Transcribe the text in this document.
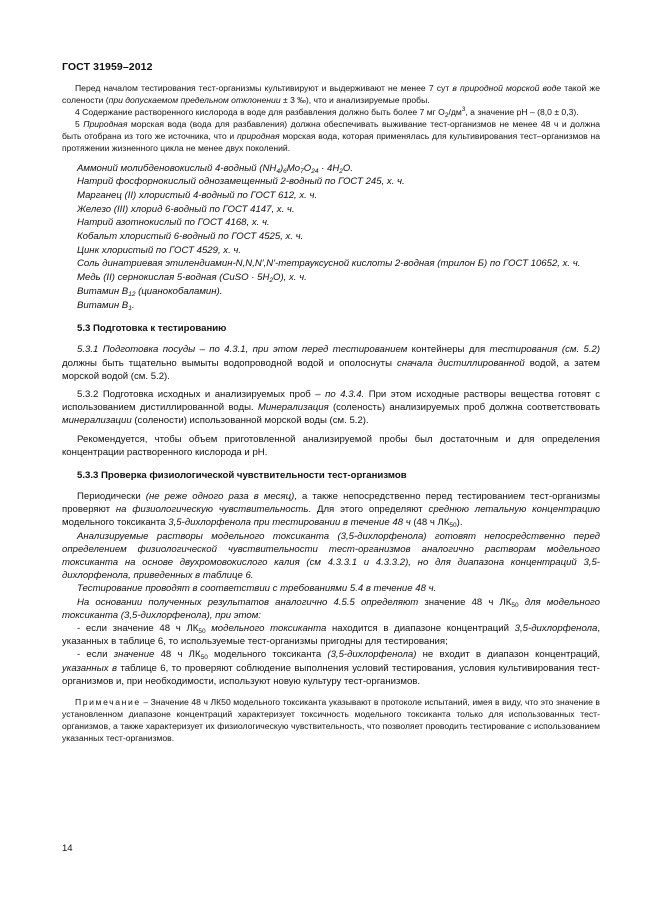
ГОСТ 31959–2012

Перед началом тестирования тест-организмы культивируют и выдерживают не менее 7 сут в природной морской воде такой же солености (при допускаемом предельном отклонении ± 3 ‰), что и анализируемые пробы.

4 Содержание растворенного кислорода в воде для разбавления должно быть более 7 мг $О_2/дм^3$, а значение pH – (8,0 ± 0,3).

5 Природная морская вода (вода для разбавления) должна обеспечивать выживание тест-организмов не менее 48 ч и должна быть отобрана из того же источника, что и природная морская вода, которая применялась для культивирования тест–организмов на протяжении жизненного цикла не менее двух поколений.

Аммоний молибденовокислый 4-водный $(NH_4)_6Mo_7O_{24} \cdot 4H_2O$.

Натрий фосфорнокислый однозамещенный 2-водный по ГОСТ 245, х. ч.

Марганец (II) хлористый 4-водный по ГОСТ 612, х. ч.

Железо (III) хлорид 6-водный по ГОСТ 4147, х. ч.

Натрий азотнокислый по ГОСТ 4168, х. ч.

Кобальт хлористый 6-водный по ГОСТ 4525, х. ч.

Цинк хлористый по ГОСТ 4529, х. ч.

Соль динатриевая этилендиамин-N,N,N',N'-тетрауксусной кислоты 2-водная (трилон Б) по ГОСТ 10652, х. ч.

Медь (II) сернокислая 5-водная (CuSO · $5H_2O$), х. ч.

Витамин $B_{12}$ (цианокобаламин).

Витамин $B_1$.

5.3 Подготовка к тестированию

5.3.1 Подготовка посуды – по 4.3.1, при этом перед тестированием контейнеры для тестирования (см. 5.2) должны быть тщательно вымыты водопроводной водой и ополоснуты сначала дистиллированной водой, а затем морской водой (см. 5.2).

5.3.2 Подготовка исходных и анализируемых проб – по 4.3.4. При этом исходные растворы вещества готовят с использованием дистиллированной воды. Минерализация (соленость) анализируемых проб должна соответствовать минерализации (солености) использованной морской воды (см. 5.2).

Рекомендуется, чтобы объем приготовленной анализируемой пробы был достаточным и для определения концентрации растворенного кислорода и pH.

5.3.3 Проверка физиологической чувствительности тест-организмов

Периодически (не реже одного раза в месяц), а также непосредственно перед тестированием тест-организмы проверяют на физиологическую чувствительность. Для этого определяют среднюю летальную концентрацию модельного токсиканта 3,5-дихлорфенола при тестировании в течение 48 ч (48 ч $ЛК_{50}$).

Анализируемые растворы модельного токсиканта (3,5-дихлорфенола) готовят непосредственно перед определением физиологической чувствительности тест-организмов аналогично растворам модельного токсиканта на основе двухромовокислого калия (см 4.3.3.1 и 4.3.3.2), но для диапазона концентраций 3,5-дихлорфенола, приведенных в таблице 6.

Тестирование проводят в соответствии с требованиями 5.4 в течение 48 ч.

На основании полученных результатов аналогично 4.5.5 определяют значение 48 ч $ЛК_{50}$ для модельного токсиканта (3,5-дихлорфенола), при этом:

- если значение 48 ч $ЛК_{50}$ модельного токсиканта находится в диапазоне концентраций 3,5-дихлорфенола, указанных в таблице 6, то используемые тест-организмы пригодны для тестирования;

- если значение 48 ч $ЛК_{50}$ модельного токсиканта (3,5-дихлорфенола) не входит в диапазон концентраций, указанных в таблице 6, то проверяют соблюдение выполнения условий тестирования, условия культивирования тест-организмов и, при необходимости, используют новую культуру тест-организмов.

Примечание – Значение 48 ч ЛК50 модельного токсиканта указывают в протоколе испытаний, имея в виду, что это значение в установленном диапазоне концентраций характеризует токсичность модельного токсиканта только для использованных тест-организмов, а также характеризует их физиологическую чувствительность, что позволяет проводить тестирование с использованием указанных тест-организмов.

14
